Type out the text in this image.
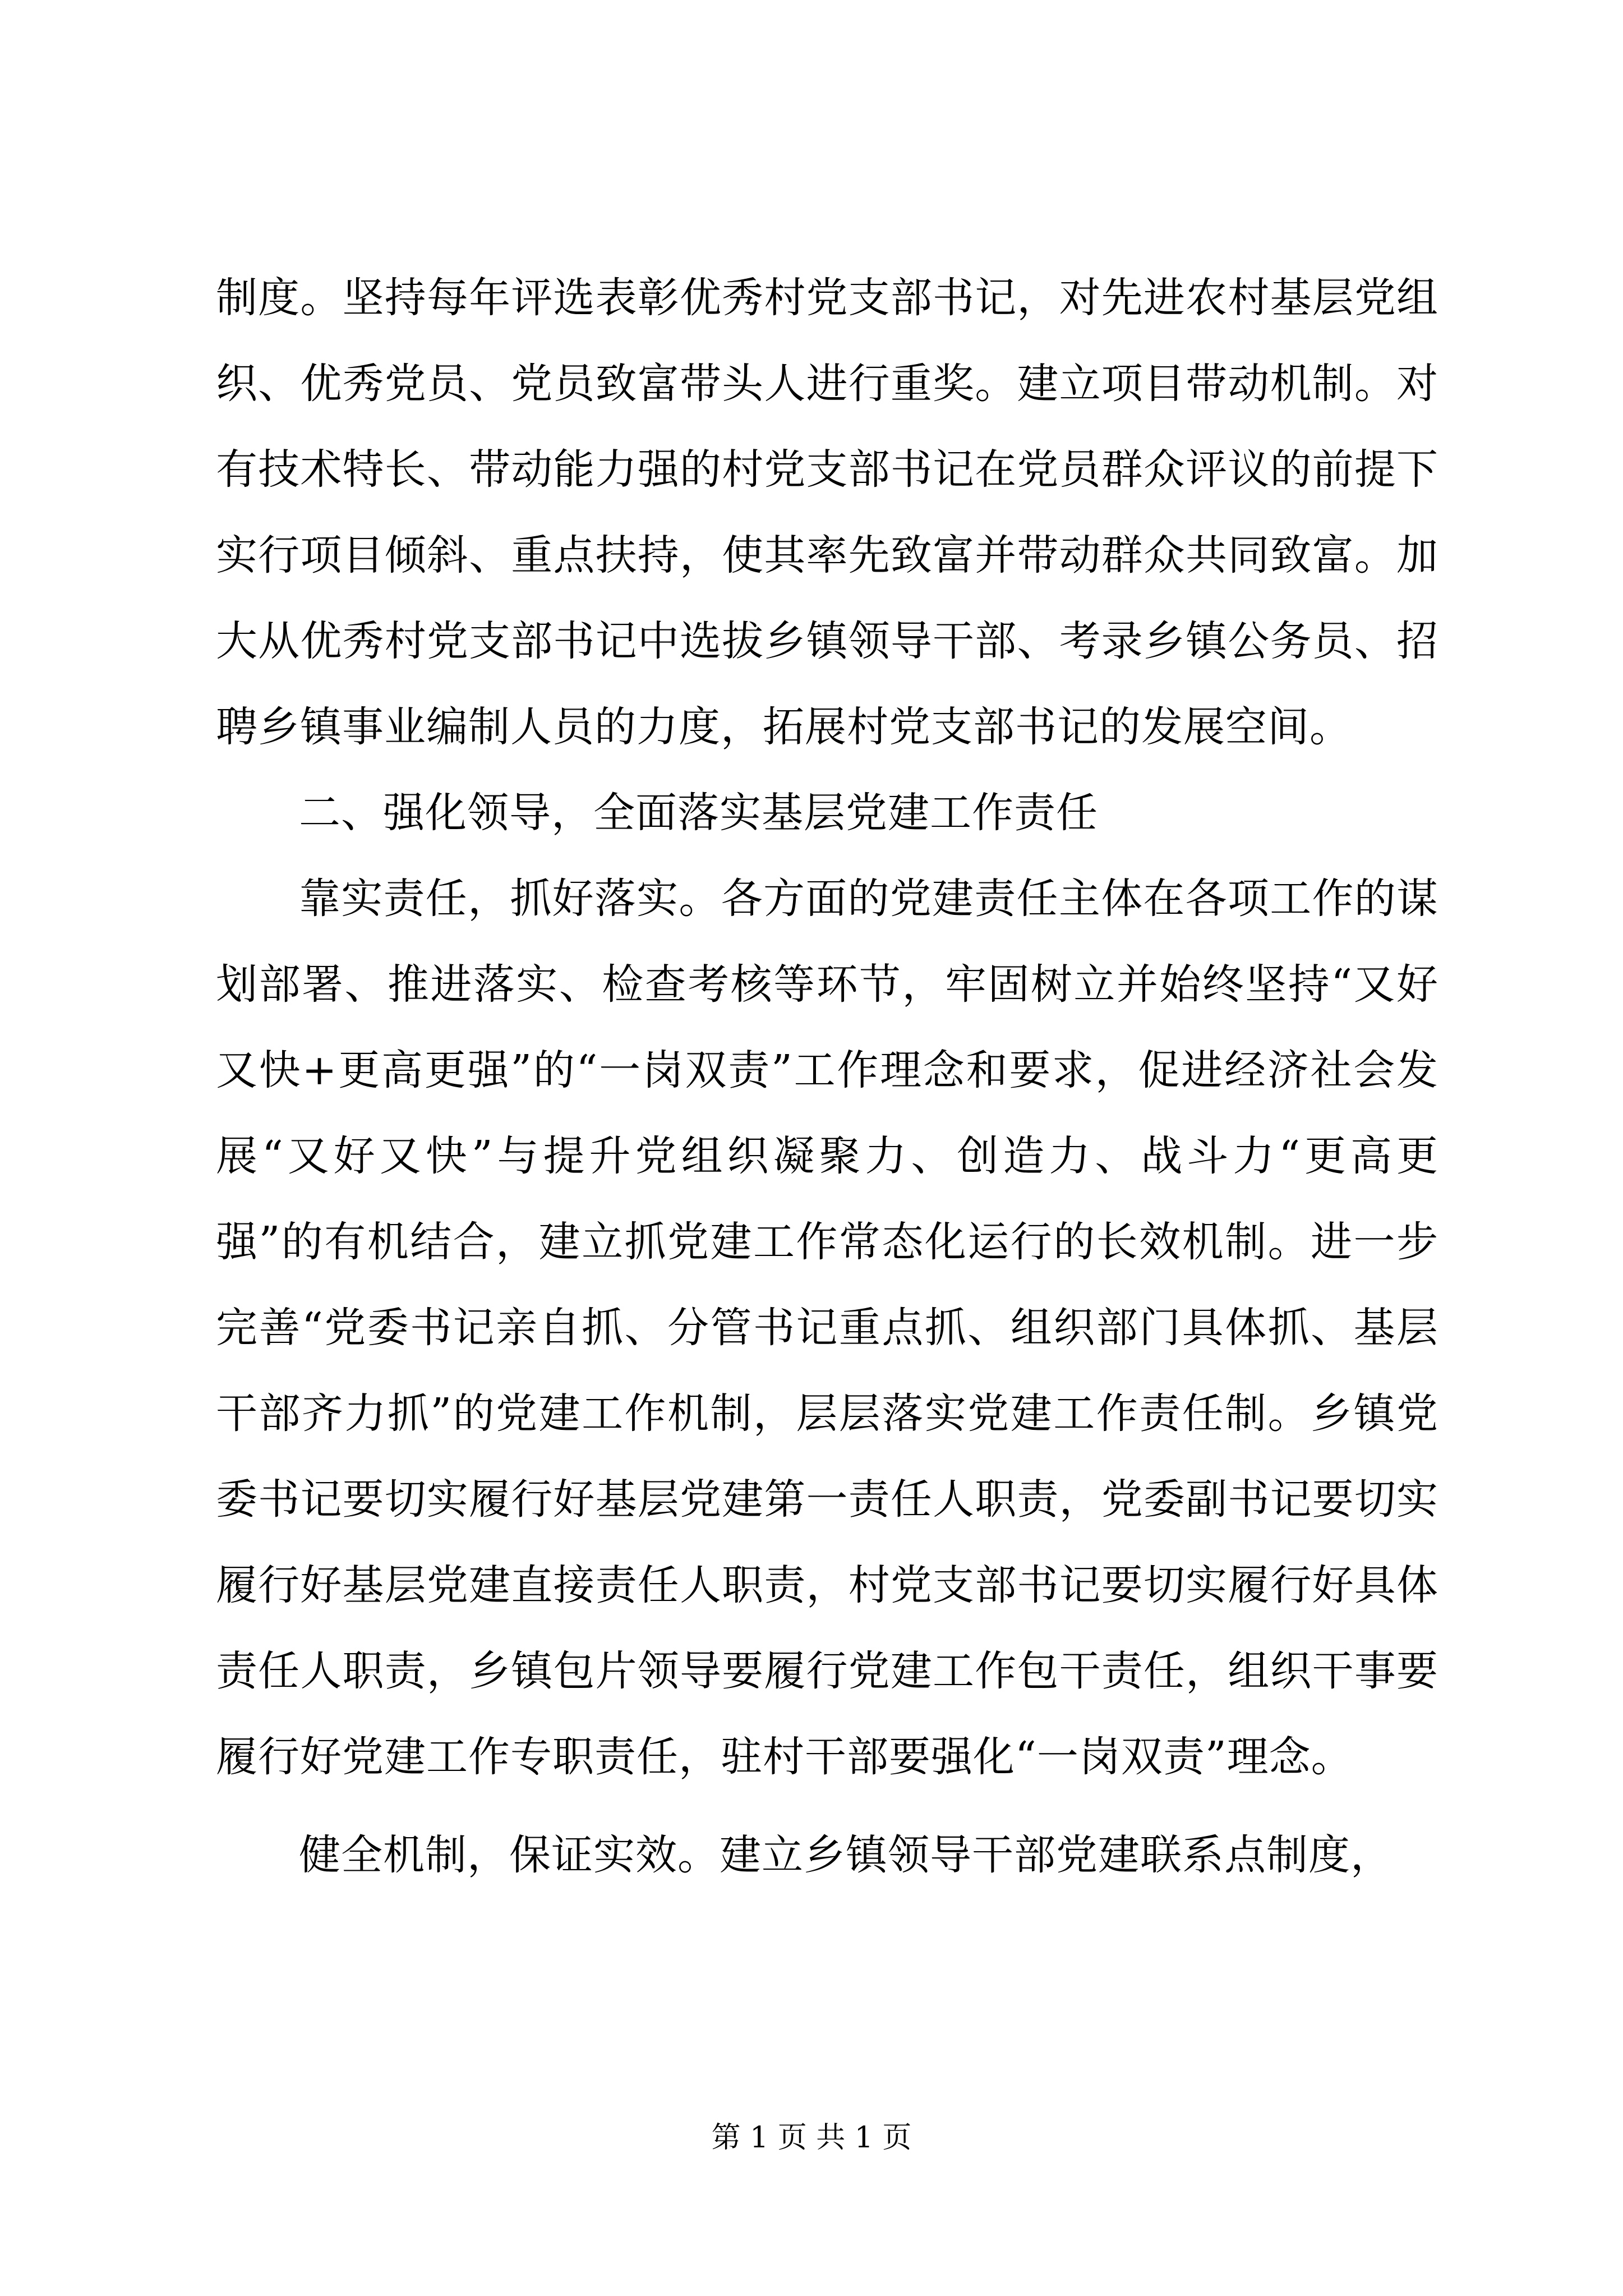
制度。坚持每年评选表彰优秀村党支部书记，对先进农村基层党组织、优秀党员、党员致富带头人进行重奖。建立项目带动机制。对有技术特长、带动能力强的村党支部书记在党员群众评议的前提下实行项目倾斜、重点扶持，使其率先致富并带动群众共同致富。加大从优秀村党支部书记中选拔乡镇领导干部、考录乡镇公务员、招聘乡镇事业编制人员的力度，拓展村党支部书记的发展空间。

二、强化领导，全面落实基层党建工作责任

靠实责任，抓好落实。各方面的党建责任主体在各项工作的谋划部署、推进落实、检查考核等环节，牢固树立并始终坚持“又好又快+更高更强”的“一岗双责”工作理念和要求，促进经济社会发展“又好又快”与提升党组织凝聚力、创造力、战斗力“更高更强”的有机结合，建立抓党建工作常态化运行的长效机制。进一步完善“党委书记亲自抓、分管书记重点抓、组织部门具体抓、基层干部齐力抓”的党建工作机制，层层落实党建工作责任制。乡镇党委书记要切实履行好基层党建第一责任人职责，党委副书记要切实履行好基层党建直接责任人职责，村党支部书记要切实履行好具体责任人职责，乡镇包片领导要履行党建工作包干责任，组织干事要履行好党建工作专职责任，驻村干部要强化“一岗双责”理念。

健全机制，保证实效。建立乡镇领导干部党建联系点制度，

第 1 页 共 1 页
